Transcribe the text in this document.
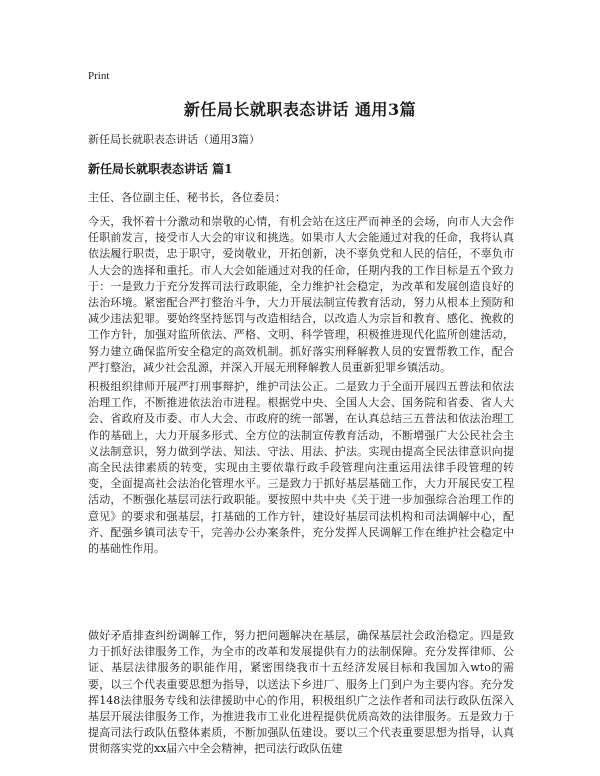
Print
新任局长就职表态讲话 通用3篇
新任局长就职表态讲话（通用3篇）
新任局长就职表态讲话 篇1
主任、各位副主任、秘书长，各位委员：

今天，我怀着十分激动和崇敬的心情，有机会站在这庄严而神圣的会场，向市人大会作任职前发言，接受市人大会的审议和挑选。如果市人大会能通过对我的任命，我将认真依法履行职责，忠于职守，爱岗敬业，开拓创新，决不辜负党和人民的信任，不辜负市人大会的选择和重托。市人大会如能通过对我的任命，任期内我的工作目标是五个致力于：一是致力于充分发挥司法行政职能，全力维护社会稳定，为改革和发展创造良好的法治环境。紧密配合严打整治斗争，大力开展法制宣传教育活动，努力从根本上预防和减少违法犯罪。要始终坚持惩罚与改造相结合，以改造人为宗旨和教育、感化、挽救的工作方针，加强对监所依法、严格、文明、科学管理，积极推进现代化监所创建活动，努力建立确保监所安全稳定的高效机制。抓好落实刑释解教人员的安置帮教工作，配合严打整治，减少社会乱源，并深入开展无刑释解教人员重新犯罪乡镇活动。

积极组织律师开展严打刑事辩护，维护司法公正。二是致力于全面开展四五普法和依法治理工作，不断推进依法治市进程。根据党中央、全国人大会、国务院和省委、省人大会、省政府及市委、市人大会、市政府的统一部署，在认真总结三五普法和依法治理工作的基础上，大力开展多形式、全方位的法制宣传教育活动，不断增强广大公民社会主义法制意识，努力做到学法、知法、守法、用法、护法。实现由提高全民法律意识向提高全民法律素质的转变，实现由主要依靠行政手段管理向注重运用法律手段管理的转变，全面提高社会法治化管理水平。三是致力于抓好基层基础工作，大力开展民安工程活动，不断强化基层司法行政职能。要按照中共中央《关于进一步加强综合治理工作的意见》的要求和强基层，打基础的工作方针，建设好基层司法机构和司法调解中心，配齐、配强乡镇司法专干，完善办公办案条件，充分发挥人民调解工作在维护社会稳定中的基础性作用。

做好矛盾排查纠纷调解工作，努力把问题解决在基层，确保基层社会政治稳定。四是致力于抓好法律服务工作，为全市的改革和发展提供有力的法制保障。充分发挥律师、公证、基层法律服务的职能作用，紧密围绕我市十五经济发展目标和我国加入wto的需要，以三个代表重要思想为指导，以送法下乡进厂、服务上门到户为主要内容。充分发挥148法律服务专线和法律援助中心的作用，积极组织广之法作者和司法行政队伍深入基层开展法律服务工作，为推进我市工业化进程提供优质高效的法律服务。五是致力于提高司法行政队伍整体素质，不断加强队伍建设。要以三个代表重要思想为指导，认真贯彻落实党的xx届六中全会精神，把司法行政队伍建
